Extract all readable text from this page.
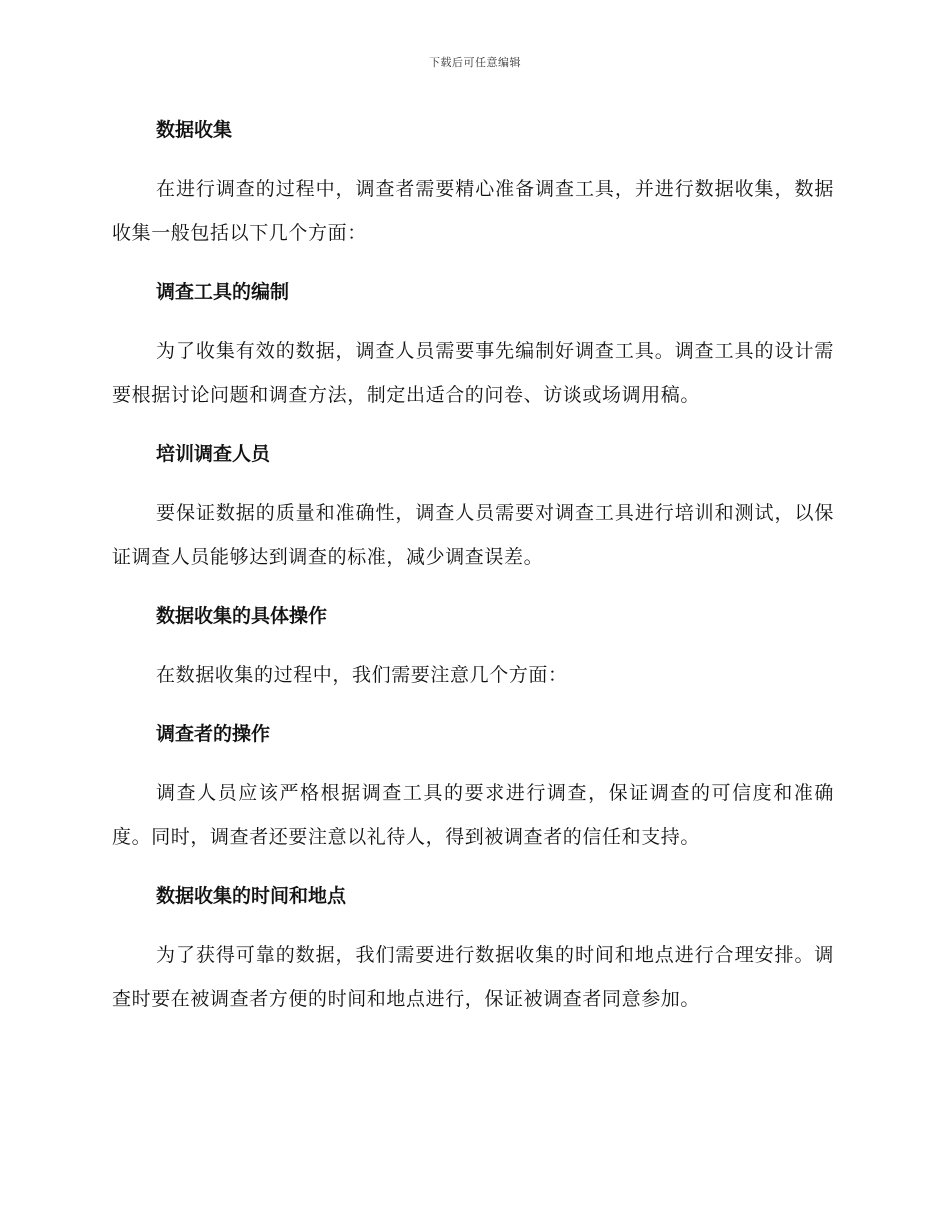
下载后可任意编辑
数据收集

在进行调查的过程中，调查者需要精心准备调查工具，并进行数据收集，数据收集一般包括以下几个方面：

调查工具的编制

为了收集有效的数据，调查人员需要事先编制好调查工具。调查工具的设计需要根据讨论问题和调查方法，制定出适合的问卷、访谈或场调用稿。

培训调查人员

要保证数据的质量和准确性，调查人员需要对调查工具进行培训和测试，以保证调查人员能够达到调查的标准，减少调查误差。

数据收集的具体操作

在数据收集的过程中，我们需要注意几个方面：

调查者的操作

调查人员应该严格根据调查工具的要求进行调查，保证调查的可信度和准确度。同时，调查者还要注意以礼待人，得到被调查者的信任和支持。

数据收集的时间和地点

为了获得可靠的数据，我们需要进行数据收集的时间和地点进行合理安排。调查时要在被调查者方便的时间和地点进行，保证被调查者同意参加。
